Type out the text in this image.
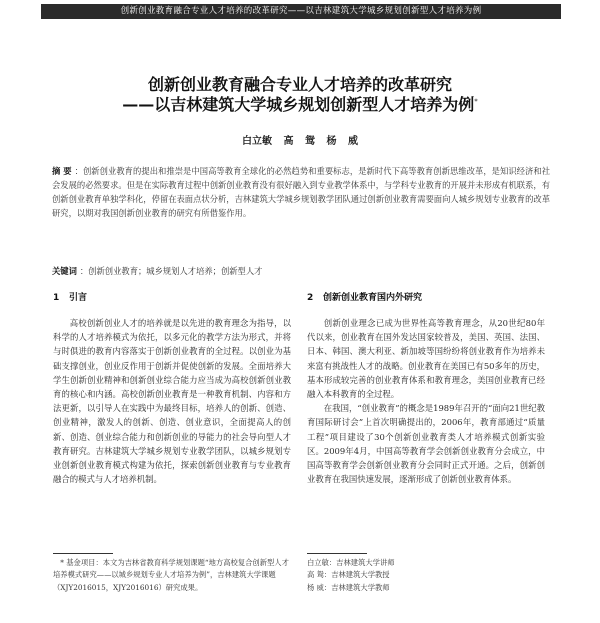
创新创业教育融合专业人才培养的改革研究——以吉林建筑大学城乡规划创新型人才培养为例
创新创业教育融合专业人才培养的改革研究
——以吉林建筑大学城乡规划创新型人才培养为例*
白立敏 高 鸳 杨 威
摘 要 ：创新创业教育的提出和推崇是中国高等教育全球化的必然趋势和重要标志，是新时代下高等教育创新思维改革，是知识经济和社会发展的必然要求。但是在实际教育过程中创新创业教育没有很好融入到专业教学体系中，与学科专业教育的开展并未形成有机联系，有创新创业教育单独学科化，停留在表面点状分析，吉林建筑大学城乡规划教学团队通过创新创业教育需要面向人城乡规划专业教育的改革研究，以期对我国创新创业教育的研究有所借鉴作用。
关键词 ：创新创业教育；城乡规划人才培养；创新型人才
1 引言

高校创新创业人才的培养就是以先进的教育理念为指导，以科学的人才培养模式为依托，以多元化的教学方法为形式，并将与时俱进的教育内容落实于创新创业教育的全过程。以创业为基础支撑创业，创业反作用于创新并促使创新的发展。全面培养大学生创新创业精神和创新创业综合能力应当成为高校创新创业教育的核心和内涵。高校创新创业教育是一种教育机制、内容和方法更新，以引导人在实践中为最终目标，培养人的创新、创造、创业精神，激发人的创新、创造、创业意识，全面提高人的创新、创造、创业综合能力和创新创业的导能力的社会导向型人才教育研究。吉林建筑大学城乡规划专业教学团队，以城乡规划专业创新创业教育模式构建为依托，探索创新创业教育与专业教育融合的模式与人才培养机制。

2 创新创业教育国内外研究

创新创业理念已成为世界性高等教育理念，从20世纪80年代以来，创业教育在国外发达国家较普及，美国、英国、法国、日本、韩国、澳大利亚、新加坡等国纷纷将创业教育作为培养未来富有挑战性人才的战略。创业教育在美国已有50多年的历史，基本形成较完善的创业教育体系和教育理念，美国创业教育已经融入本科教育的全过程。

在我国，“创业教育”的概念是1989年召开的“面向21世纪教育国际研讨会”上首次明确提出的，2006年，教育部通过“质量工程”项目建设了30个创新创业教育类人才培养模式创新实验区。2009年4月，中国高等教育学会创新创业教育分会成立，中国高等教育学会创新创业教育分会同时正式开通。之后，创新创业教育在我国快速发展，逐渐形成了创新创业教育体系。

* 基金项目：本文为吉林省教育科学规划课题“地方高校复合创新型人才培养模式研究——以城乡规划专业人才培养为例”，吉林建筑大学课题（XJY2016015，XJY2016016）研究成果。
白立敏：吉林建筑大学讲师
高 鸳：吉林建筑大学教授
杨 威：吉林建筑大学教师
